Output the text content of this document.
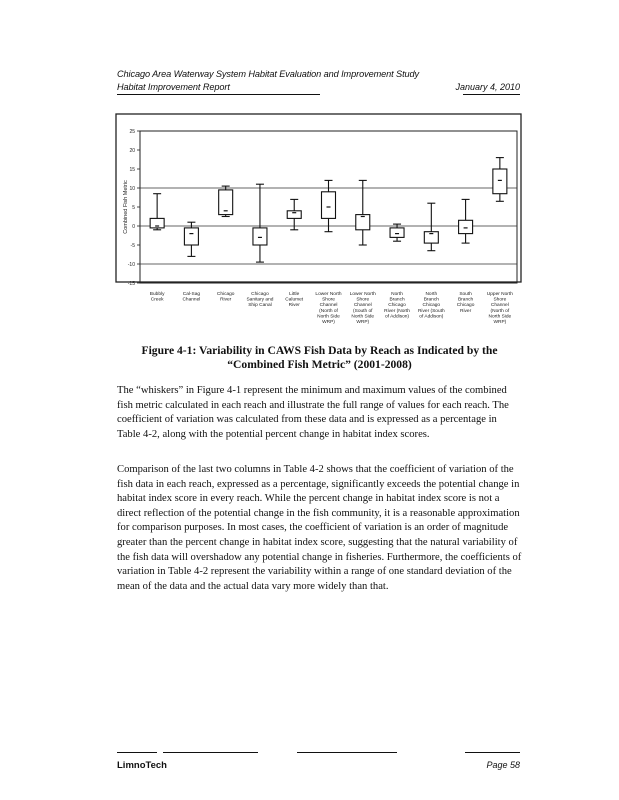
Chicago Area Waterway System Habitat Evaluation and Improvement Study
Habitat Improvement Report	January 4, 2010
25
20
15
10
5
0
-5
-10
-15
Combined Fish Metric
Bubbly Creek
Cal-Sag Channel
Chicago River
Chicago Sanitary and Ship Canal
Little Calumet River
Lower North Shore Channel (North of North Side WRP)
Lower North Shore Channel (South of North Side WRP)
North Branch Chicago River (North of Addison)
North Branch Chicago River (South of Addison)
South Branch Chicago River
Upper North Shore Channel (North of North Side WRP)
Figure 4-1: Variability in CAWS Fish Data by Reach as Indicated by the
“Combined Fish Metric” (2001-2008)
The “whiskers” in Figure 4-1 represent the minimum and maximum values of the combined fish metric calculated in each reach and illustrate the full range of values for each reach. The coefficient of variation was calculated from these data and is expressed as a percentage in Table 4-2, along with the potential percent change in habitat index scores.
Comparison of the last two columns in Table 4-2 shows that the coefficient of variation of the fish data in each reach, expressed as a percentage, significantly exceeds the potential change in habitat index score in every reach. While the percent change in habitat index score is not a direct reflection of the potential change in the fish community, it is a reasonable approximation for comparison purposes. In most cases, the coefficient of variation is an order of magnitude greater than the percent change in habitat index score, suggesting that the natural variability of the fish data will overshadow any potential change in fisheries. Furthermore, the coefficients of variation in Table 4-2 represent the variability within a range of one standard deviation of the mean of the data and the actual data vary more widely than that.
LimnoTech	Page 58
